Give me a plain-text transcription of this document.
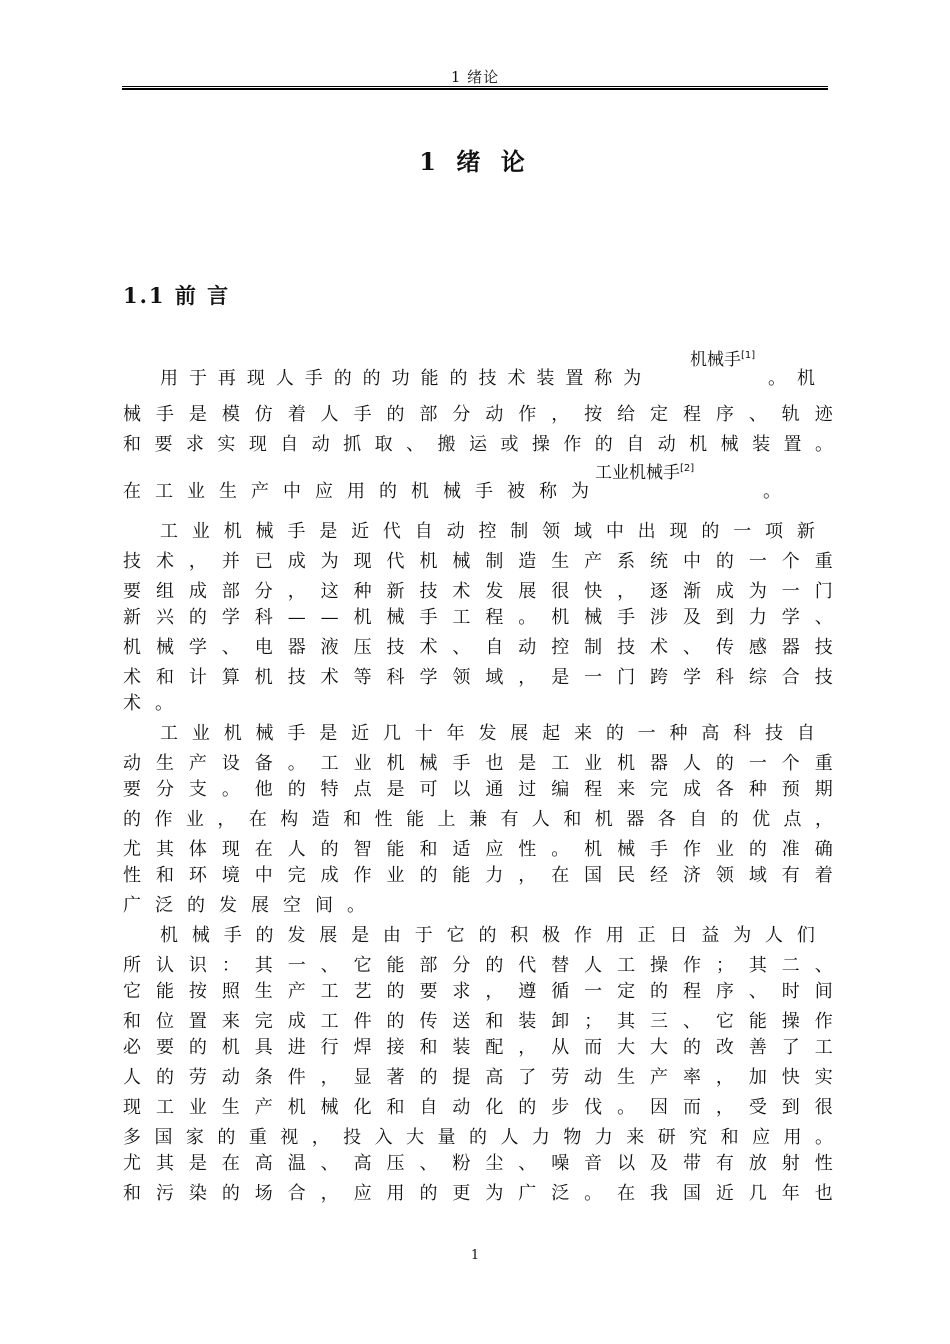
1 绪论
1 绪 论
1.1 前 言
机械手[1]
工业机械手[2]
用 于 再 现 人 手 的 的 功 能 的 技 术 装 置 称 为

　	。 机
械 手 是 模 仿 着 人 手 的 部 分 动 作 ， 按 给 定 程 序 、 轨 迹
和 要 求 实 现 自 动 抓 取 、 搬 运 或 操 作 的 自 动 机 械 装 置 。
在 工 业 生 产 中 应 用 的 机 械 手 被 称 为

　	。
工 业 机 械 手 是 近 代 自 动 控 制 领 域 中 出 现 的 一 项 新
技 术 ， 并 已 成 为 现 代 机 械 制 造 生 产 系 统 中 的 一 个 重
要 组 成 部 分 ， 这 种 新 技 术 发 展 很 快 ， 逐 渐 成 为 一 门
新 兴 的 学 科 — — 机 械 手 工 程 。 机 械 手 涉 及 到 力 学 、
机 械 学 、 电 器 液 压 技 术 、 自 动 控 制 技 术 、 传 感 器 技
术 和 计 算 机 技 术 等 科 学 领 域 ， 是 一 门 跨 学 科 综 合 技
术 。
工 业 机 械 手 是 近 几 十 年 发 展 起 来 的 一 种 高 科 技 自
动 生 产 设 备 。 工 业 机 械 手 也 是 工 业 机 器 人 的 一 个 重
要 分 支 。 他 的 特 点 是 可 以 通 过 编 程 来 完 成 各 种 预 期
的 作 业 ， 在 构 造 和 性 能 上 兼 有 人 和 机 器 各 自 的 优 点 ，
尤 其 体 现 在 人 的 智 能 和 适 应 性 。 机 械 手 作 业 的 准 确
性 和 环 境 中 完 成 作 业 的 能 力 ， 在 国 民 经 济 领 域 有 着
广 泛 的 发 展 空 间 。
机 械 手 的 发 展 是 由 于 它 的 积 极 作 用 正 日 益 为 人 们
所 认 识 ： 其 一 、 它 能 部 分 的 代 替 人 工 操 作 ； 其 二 、
它 能 按 照 生 产 工 艺 的 要 求 ， 遵 循 一 定 的 程 序 、 时 间
和 位 置 来 完 成 工 件 的 传 送 和 装 卸 ； 其 三 、 它 能 操 作
必 要 的 机 具 进 行 焊 接 和 装 配 ， 从 而 大 大 的 改 善 了 工
人 的 劳 动 条 件 ， 显 著 的 提 高 了 劳 动 生 产 率 ， 加 快 实
现 工 业 生 产 机 械 化 和 自 动 化 的 步 伐 。 因 而 ， 受 到 很
多 国 家 的 重 视 ， 投 入 大 量 的 人 力 物 力 来 研 究 和 应 用 。
尤 其 是 在 高 温 、 高 压 、 粉 尘 、 噪 音 以 及 带 有 放 射 性
和 污 染 的 场 合 ， 应 用 的 更 为 广 泛 。 在 我 国 近 几 年 也
1
